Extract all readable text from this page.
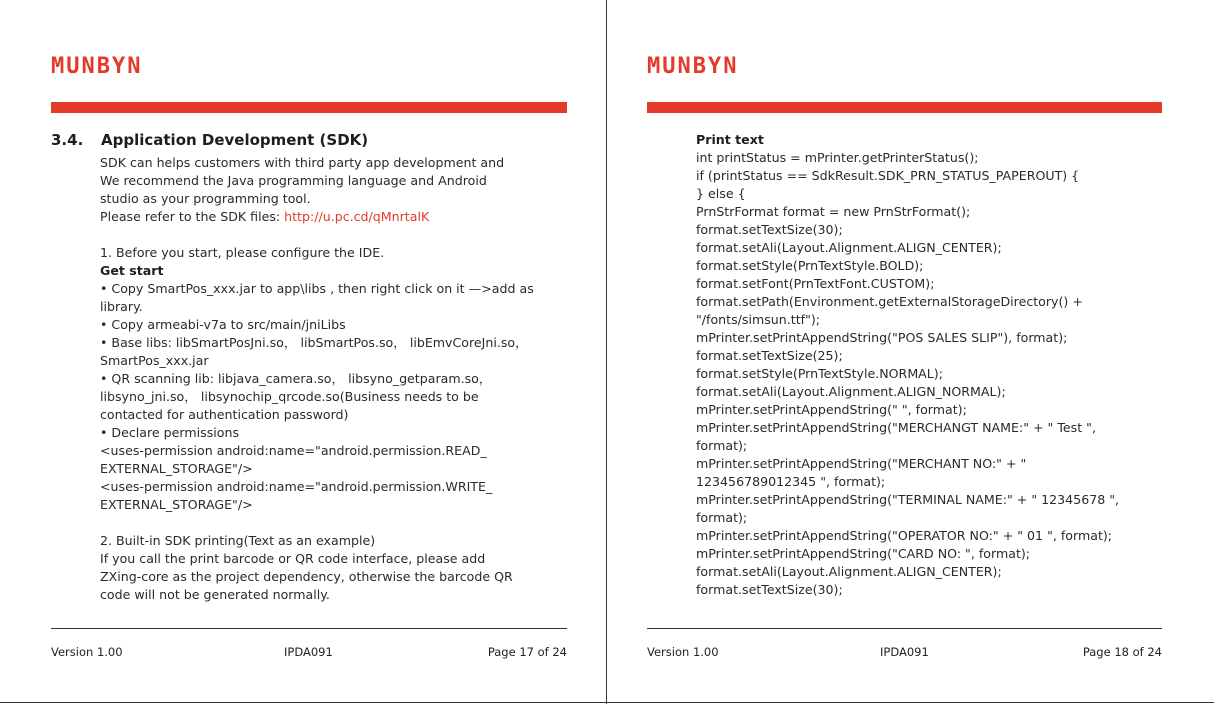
MUNBYN
3.4. Application Development (SDK)
SDK can helps customers with third party app development and
We recommend the Java programming language and Android
studio as your programming tool.
Please refer to the SDK files: http://u.pc.cd/qMnrtalK
1. Before you start, please configure the IDE.
Get start
• Copy SmartPos_xxx.jar to app\libs , then right click on it —>add as
library.
• Copy armeabi-v7a to src/main/jniLibs
• Base libs: libSmartPosJni.so， libSmartPos.so， libEmvCoreJni.so，
SmartPos_xxx.jar
• QR scanning lib: libjava_camera.so， libsyno_getparam.so，
libsyno_jni.so， libsynochip_qrcode.so(Business needs to be
contacted for authentication password)
• Declare permissions
<uses-permission android:name="android.permission.READ_
EXTERNAL_STORAGE"/>
<uses-permission android:name="android.permission.WRITE_
EXTERNAL_STORAGE"/>
2. Built-in SDK printing(Text as an example)
If you call the print barcode or QR code interface, please add
ZXing-core as the project dependency, otherwise the barcode QR
code will not be generated normally.
Version 1.00	IPDA091	Page 17 of 24
MUNBYN
Print text
int printStatus = mPrinter.getPrinterStatus();
if (printStatus == SdkResult.SDK_PRN_STATUS_PAPEROUT) {
} else {
PrnStrFormat format = new PrnStrFormat();
format.setTextSize(30);
format.setAli(Layout.Alignment.ALIGN_CENTER);
format.setStyle(PrnTextStyle.BOLD);
format.setFont(PrnTextFont.CUSTOM);
format.setPath(Environment.getExternalStorageDirectory() +
"/fonts/simsun.ttf");
mPrinter.setPrintAppendString("POS SALES SLIP"), format);
format.setTextSize(25);
format.setStyle(PrnTextStyle.NORMAL);
format.setAli(Layout.Alignment.ALIGN_NORMAL);
mPrinter.setPrintAppendString(" ", format);
mPrinter.setPrintAppendString("MERCHANGT NAME:" + " Test ",
format);
mPrinter.setPrintAppendString("MERCHANT NO:" + "
123456789012345 ", format);
mPrinter.setPrintAppendString("TERMINAL NAME:" + " 12345678 ",
format);
mPrinter.setPrintAppendString("OPERATOR NO:" + " 01 ", format);
mPrinter.setPrintAppendString("CARD NO: ", format);
format.setAli(Layout.Alignment.ALIGN_CENTER);
format.setTextSize(30);
Version 1.00	IPDA091	Page 18 of 24
